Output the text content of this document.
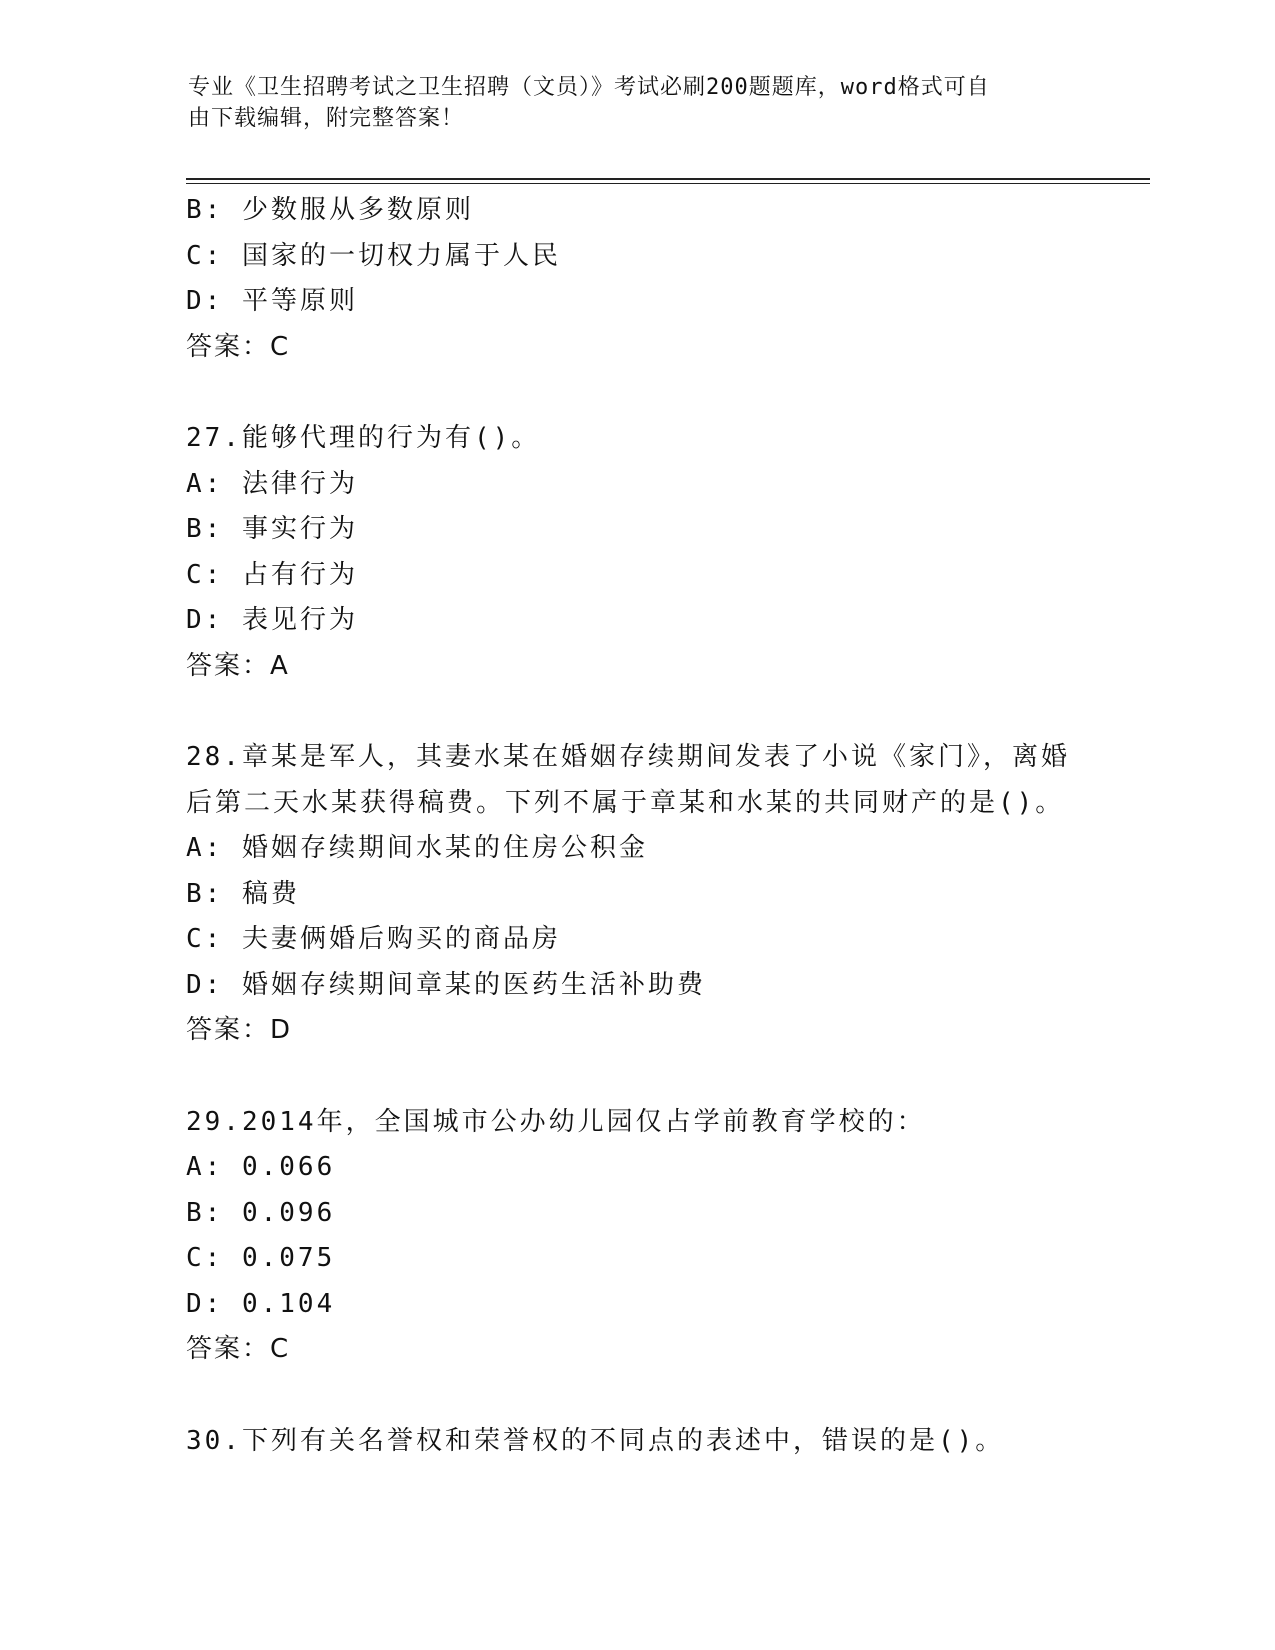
专业《卫生招聘考试之卫生招聘（文员）》考试必刷200题题库，word格式可自
由下载编辑，附完整答案！
B: 少数服从多数原则
C: 国家的一切权力属于人民
D: 平等原则
答案：C
27.能够代理的行为有()。
A: 法律行为
B: 事实行为
C: 占有行为
D: 表见行为
答案：A
28.章某是军人，其妻水某在婚姻存续期间发表了小说《家门》，离婚
后第二天水某获得稿费。下列不属于章某和水某的共同财产的是()。
A: 婚姻存续期间水某的住房公积金
B: 稿费
C: 夫妻俩婚后购买的商品房
D: 婚姻存续期间章某的医药生活补助费
答案：D
29.2014年，全国城市公办幼儿园仅占学前教育学校的：
A: 0.066
B: 0.096
C: 0.075
D: 0.104
答案：C
30.下列有关名誉权和荣誉权的不同点的表述中，错误的是()。
